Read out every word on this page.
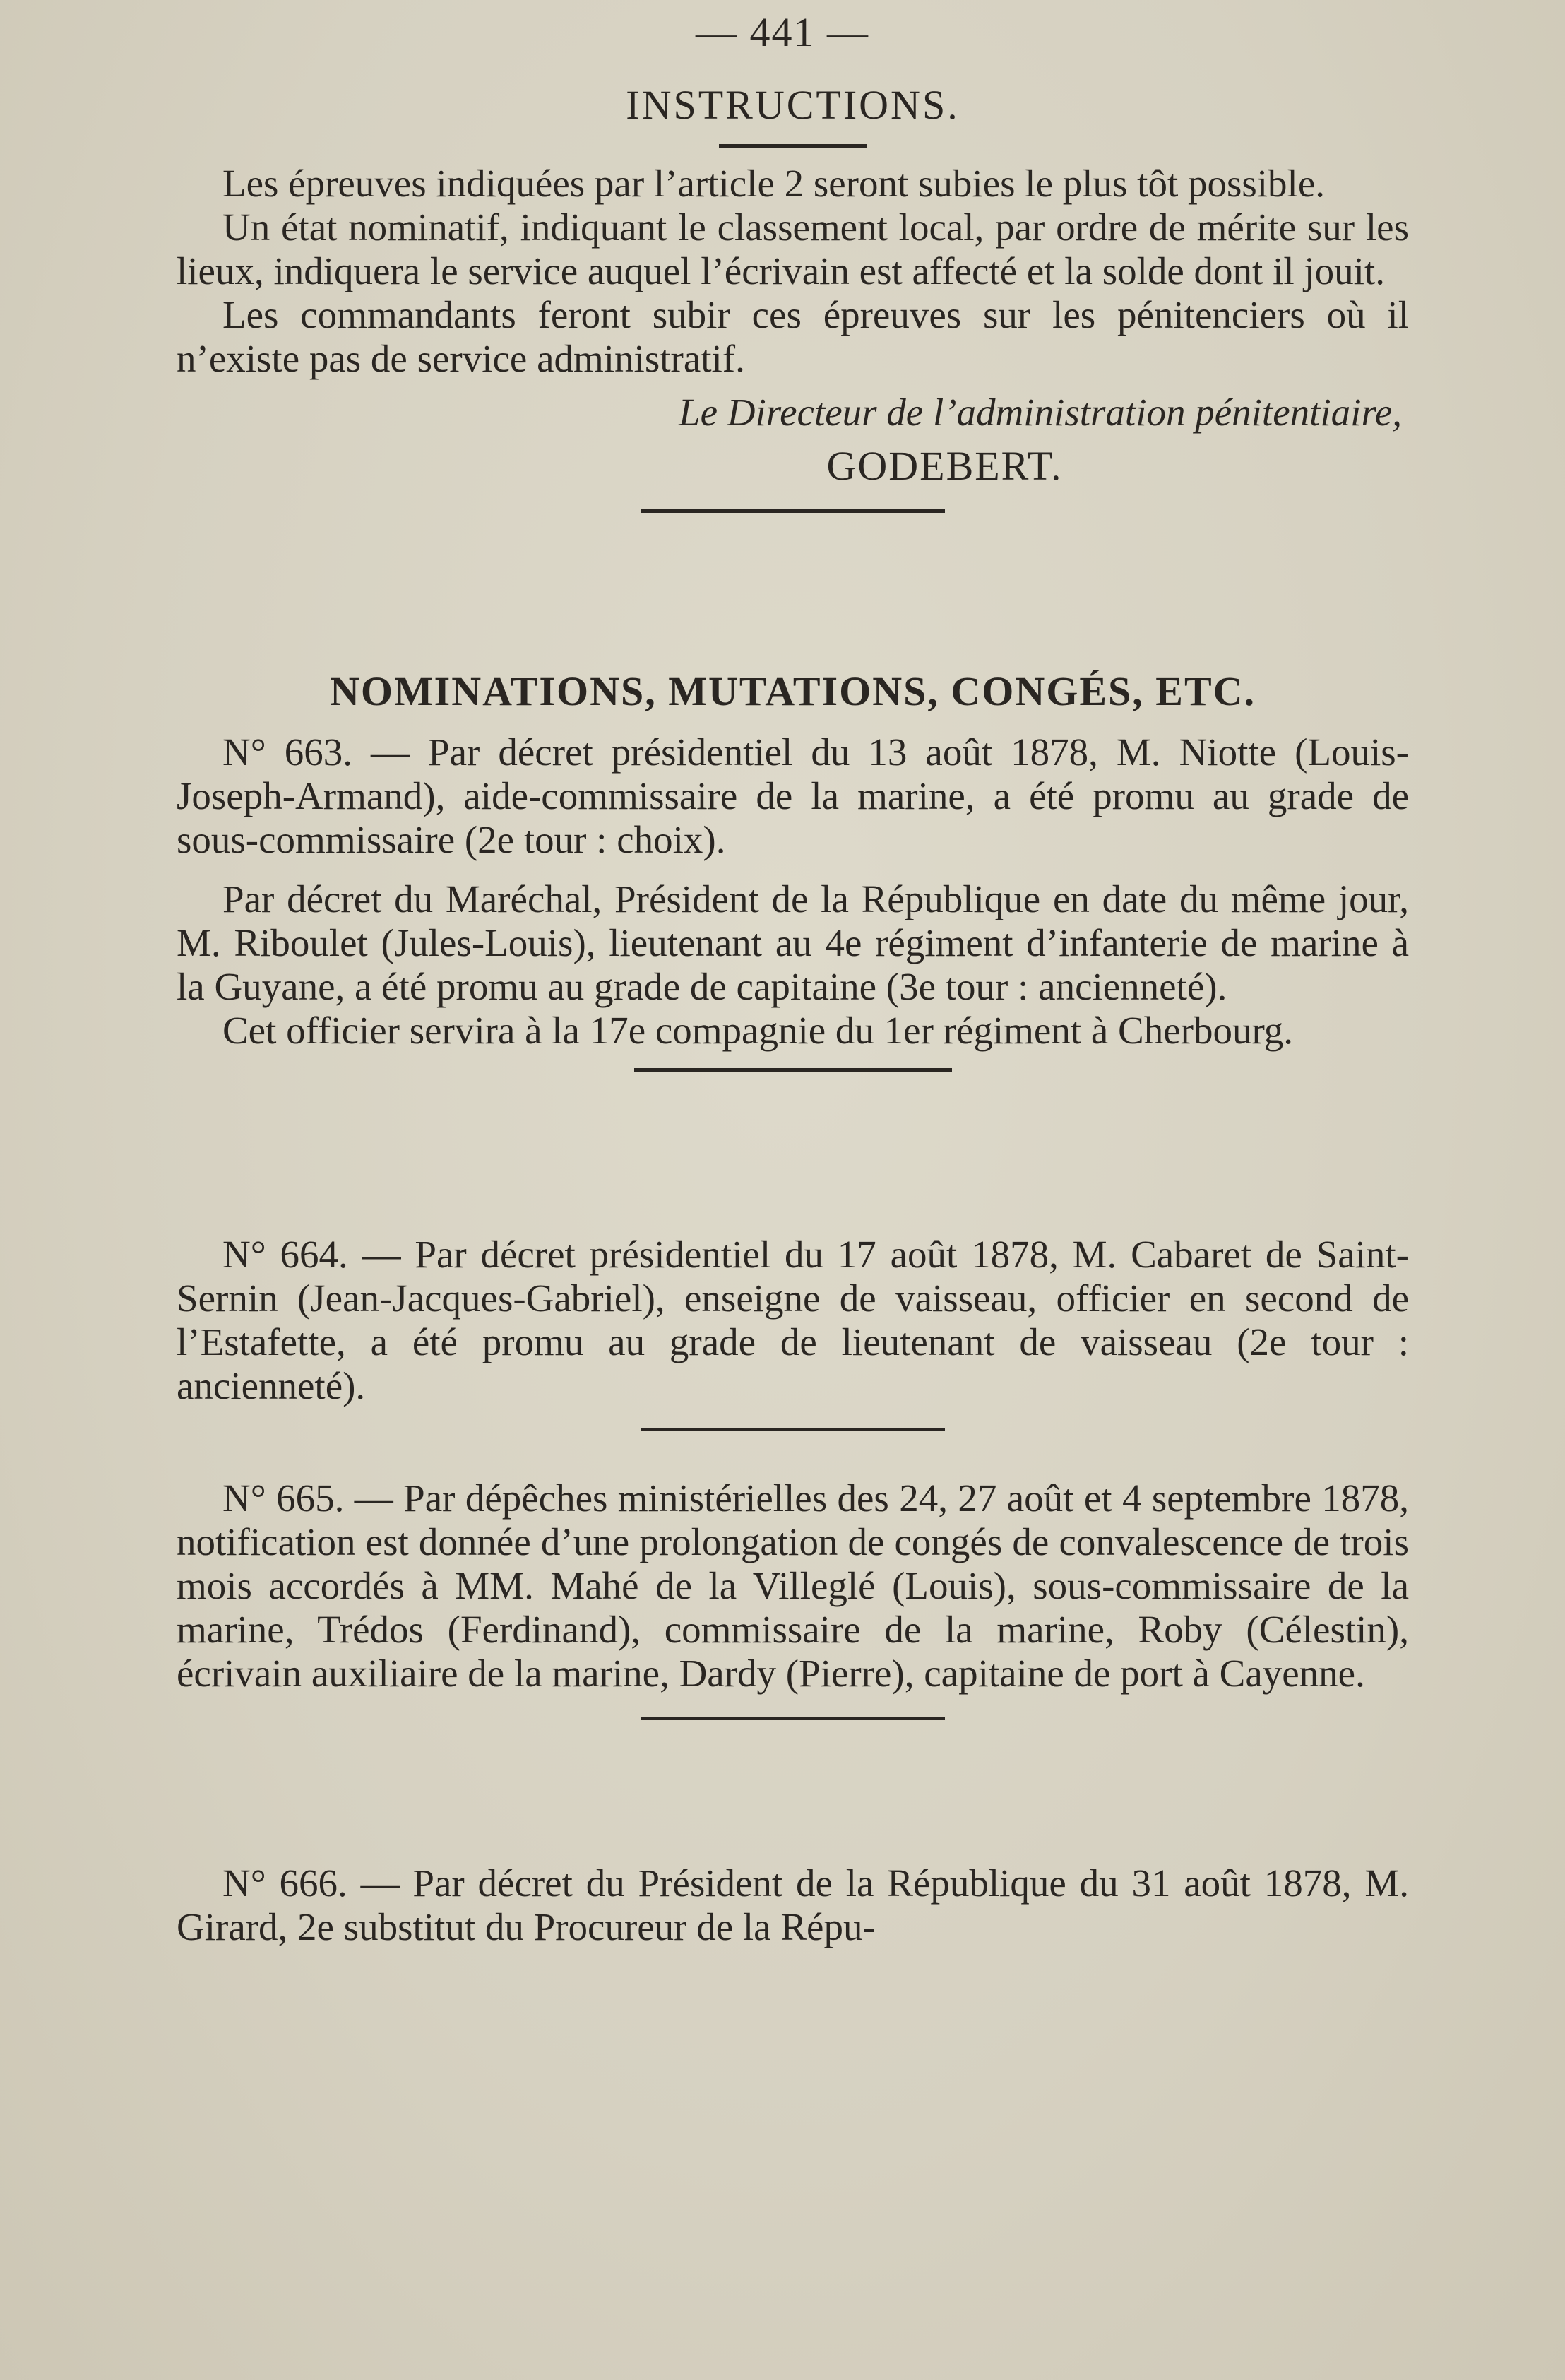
— 441 —
INSTRUCTIONS.

Les épreuves indiquées par l’article 2 seront subies le plus tôt possible.

Un état nominatif, indiquant le classement local, par ordre de mérite sur les lieux, indiquera le service auquel l’écrivain est affecté et la solde dont il jouit.

Les commandants feront subir ces épreuves sur les pénitenciers où il n’existe pas de service administratif.

Le Directeur de l’administration pénitentiaire,
GODEBERT.
NOMINATIONS, MUTATIONS, CONGÉS, ETC.

N° 663. — Par décret présidentiel du 13 août 1878, M. Niotte (Louis-Joseph-Armand), aide-commissaire de la marine, a été promu au grade de sous-commissaire (2e tour : choix).

Par décret du Maréchal, Président de la République en date du même jour, M. Riboulet (Jules-Louis), lieutenant au 4e régiment d’infanterie de marine à la Guyane, a été promu au grade de capitaine (3e tour : ancienneté).

Cet officier servira à la 17e compagnie du 1er régiment à Cherbourg.

N° 664. — Par décret présidentiel du 17 août 1878, M. Cabaret de Saint-Sernin (Jean-Jacques-Gabriel), enseigne de vaisseau, officier en second de l’Estafette, a été promu au grade de lieutenant de vaisseau (2e tour : ancienneté).

N° 665. — Par dépêches ministérielles des 24, 27 août et 4 septembre 1878, notification est donnée d’une prolongation de congés de convalescence de trois mois accordés à MM. Mahé de la Villeglé (Louis), sous-commissaire de la marine, Trédos (Ferdinand), commissaire de la marine, Roby (Célestin), écrivain auxiliaire de la marine, Dardy (Pierre), capitaine de port à Cayenne.

N° 666. — Par décret du Président de la République du 31 août 1878, M. Girard, 2e substitut du Procureur de la Répu-
